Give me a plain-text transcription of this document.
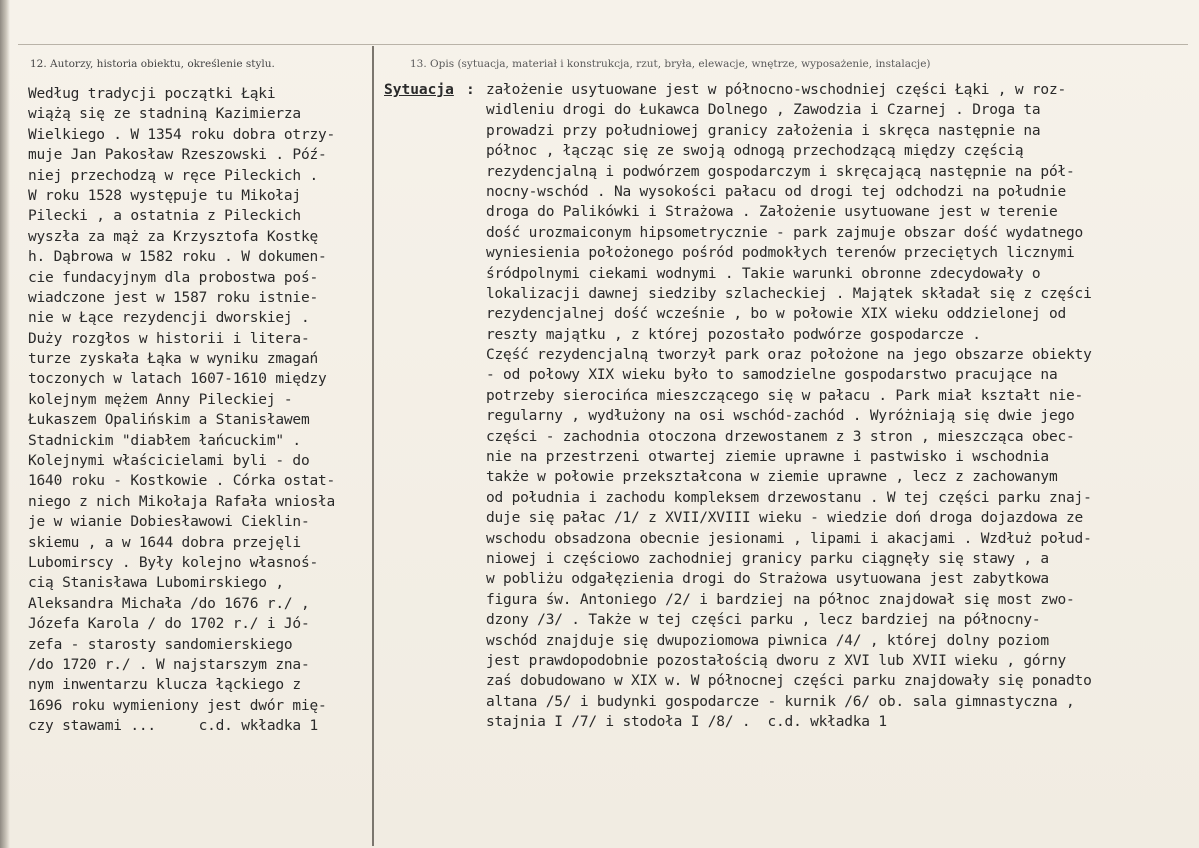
12. Autorzy, historia obiektu, określenie stylu.	13. Opis (sytuacja, materiał i konstrukcja, rzut, bryła, elewacje, wnętrze, wyposażenie, instalacje)
Według tradycji początki Łąki
wiążą się ze stadniną Kazimierza
Wielkiego . W 1354 roku dobra otrzy-
muje Jan Pakosław Rzeszowski . Póź-
niej przechodzą w ręce Pileckich .
W roku 1528 występuje tu Mikołaj
Pilecki , a ostatnia z Pileckich
wyszła za mąż za Krzysztofa Kostkę
h. Dąbrowa w 1582 roku . W dokumen-
cie fundacyjnym dla probostwa poś-
wiadczone jest w 1587 roku istnie-
nie w Łące rezydencji dworskiej .
Duży rozgłos w historii i litera-
turze zyskała Łąka w wyniku zmagań
toczonych w latach 1607-1610 między
kolejnym mężem Anny Pileckiej -
Łukaszem Opalińskim a Stanisławem
Stadnickim "diabłem łańcuckim" .
Kolejnymi właścicielami byli - do
1640 roku - Kostkowie . Córka ostat-
niego z nich Mikołaja Rafała wniosła
je w wianie Dobiesławowi Cieklin-
skiemu , a w 1644 dobra przejęli
Lubomirscy . Były kolejno własnoś-
cią Stanisława Lubomirskiego ,
Aleksandra Michała /do 1676 r./ ,
Józefa Karola / do 1702 r./ i Jó-
zefa - starosty sandomierskiego
/do 1720 r./ . W najstarszym zna-
nym inwentarzu klucza łąckiego z
1696 roku wymieniony jest dwór mię-
czy stawami ...     c.d. wkładka 1
Sytuacja : założenie usytuowane jest w północno-wschodniej części Łąki , w roz-
widleniu drogi do Łukawca Dolnego , Zawodzia i Czarnej . Droga ta
prowadzi przy południowej granicy założenia i skręca następnie na
północ , łącząc się ze swoją odnogą przechodzącą między częścią
rezydencjalną i podwórzem gospodarczym i skręcającą następnie na pół-
nocny-wschód . Na wysokości pałacu od drogi tej odchodzi na południe
droga do Palikówki i Strażowa . Założenie usytuowane jest w terenie
dość urozmaiconym hipsometrycznie - park zajmuje obszar dość wydatnego
wyniesienia położonego pośród podmokłych terenów przeciętych licznymi
śródpolnymi ciekami wodnymi . Takie warunki obronne zdecydowały o
lokalizacji dawnej siedziby szlacheckiej . Majątek składał się z części
rezydencjalnej dość wcześnie , bo w połowie XIX wieku oddzielonej od
reszty majątku , z której pozostało podwórze gospodarcze .
Część rezydencjalną tworzył park oraz położone na jego obszarze obiekty
- od połowy XIX wieku było to samodzielne gospodarstwo pracujące na
potrzeby sierocińca mieszczącego się w pałacu . Park miał kształt nie-
regularny , wydłużony na osi wschód-zachód . Wyróżniają się dwie jego
części - zachodnia otoczona drzewostanem z 3 stron , mieszcząca obec-
nie na przestrzeni otwartej ziemie uprawne i pastwisko i wschodnia
także w połowie przekształcona w ziemie uprawne , lecz z zachowanym
od południa i zachodu kompleksem drzewostanu . W tej części parku znaj-
duje się pałac /1/ z XVII/XVIII wieku - wiedzie doń droga dojazdowa ze
wschodu obsadzona obecnie jesionami , lipami i akacjami . Wzdłuż połud-
niowej i częściowo zachodniej granicy parku ciągnęły się stawy , a
w pobliżu odgałęzienia drogi do Strażowa usytuowana jest zabytkowa
figura św. Antoniego /2/ i bardziej na północ znajdował się most zwo-
dzony /3/ . Także w tej części parku , lecz bardziej na północny-
wschód znajduje się dwupoziomowa piwnica /4/ , której dolny poziom
jest prawdopodobnie pozostałością dworu z XVI lub XVII wieku , górny
zaś dobudowano w XIX w. W północnej części parku znajdowały się ponadto
altana /5/ i budynki gospodarcze - kurnik /6/ ob. sala gimnastyczna ,
stajnia I /7/ i stodoła I /8/ .  c.d. wkładka 1
